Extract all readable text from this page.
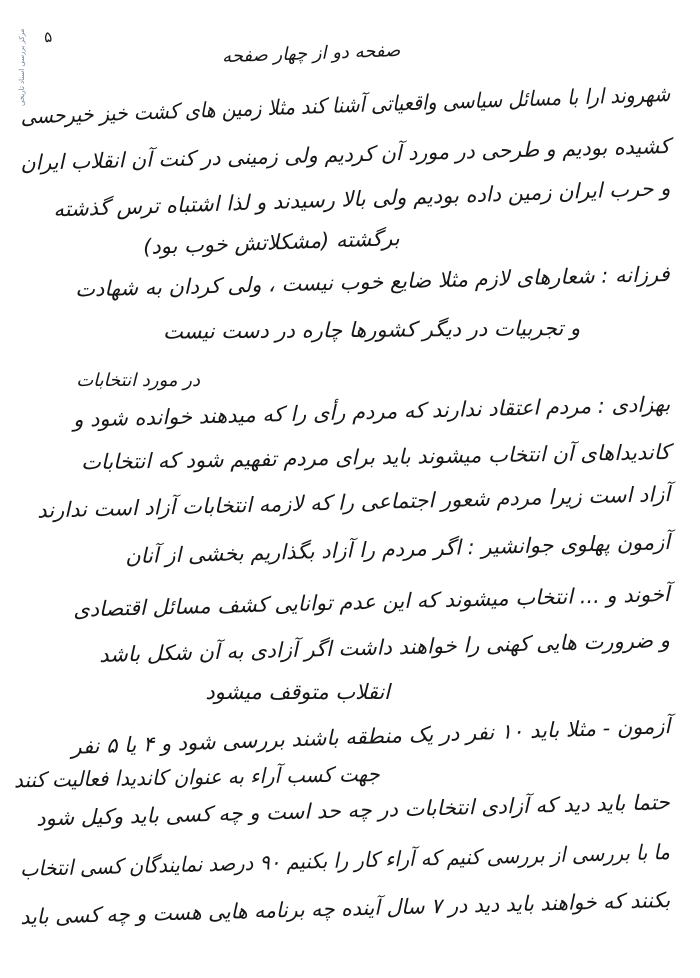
مرکز بررسی اسناد تاریخی ۵
صفحه دو از چهار صفحه
شهروند ارا با مسائل سیاسی واقعیاتی آشنا کند مثلا زمین های کشت خیز خیرحسی
کشیده بودیم و طرحی در مورد آن کردیم ولی زمینی در کنت آن انقلاب ایران
و حرب ایران زمین داده بودیم ولی بالا رسیدند و لذا اشتباه ترس گذشته
برگشته (مشکلاتش خوب بود)
فرزانه : شعارهای لازم مثلا ضایع خوب نیست ، ولی کردان به شهادت
و تجربیات در دیگر کشورها چاره در دست نیست
در مورد انتخابات
بهزادی : مردم اعتقاد ندارند که مردم رأی را که میدهند خوانده شود و
کاندیداهای آن انتخاب میشوند باید برای مردم تفهیم شود که انتخابات
آزاد است زیرا مردم شعور اجتماعی را که لازمه انتخابات آزاد است ندارند
آزمون پهلوی جوانشیر : اگر مردم را آزاد بگذاریم بخشی از آنان
آخوند و ... انتخاب میشوند که این عدم توانایی کشف مسائل اقتصادی
و ضرورت هایی کهنی را خواهند داشت اگر آزادی به آن شکل باشد
انقلاب متوقف میشود
آزمون - مثلا باید ۱۰ نفر در یک منطقه باشند بررسی شود و ۴ یا ۵ نفر
جهت کسب آراء به عنوان کاندیدا فعالیت کنند
حتما باید دید که آزادی انتخابات در چه حد است و چه کسی باید وکیل شود
ما با بررسی از بررسی کنیم که آراء کار را بکنیم ۹۰ درصد نمایندگان کسی انتخاب
بکنند که خواهند باید دید در ۷ سال آینده چه برنامه هایی هست و چه کسی باید
